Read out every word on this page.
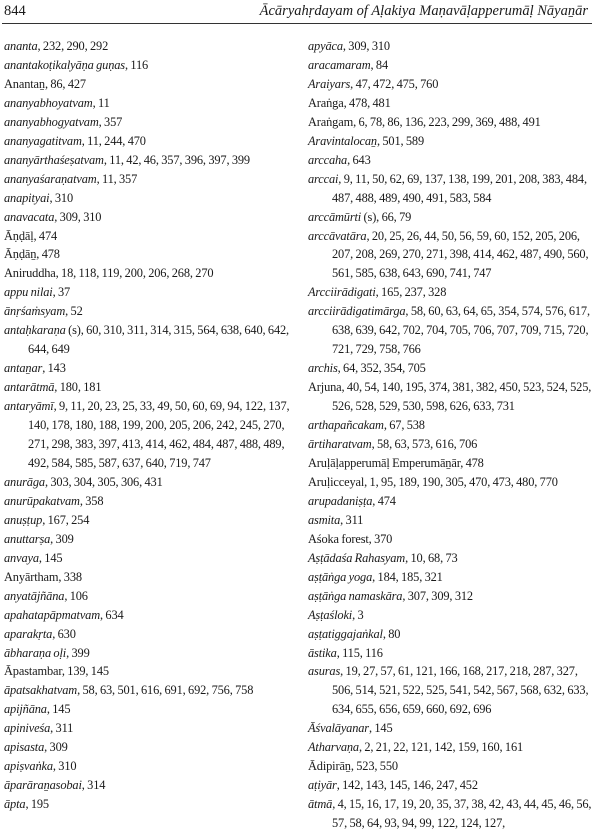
844	Ācāryahṛdayam of Aḷakiya Maṇavāḷapperumāḷ Nāyaṉār
ananta, 232, 290, 292
anantakoṭikalyāṇa guṇas, 116
Anantaṉ, 86, 427
ananyabhoyatvam, 11
ananyabhogyatvam, 357
ananyagatitvam, 11, 244, 470
ananyārthaśeṣatvam, 11, 42, 46, 357, 396, 397, 399
ananyaśaraṇatvam, 11, 357
anapityai, 310
anavacata, 309, 310
Āṇḍāḷ, 474
Āṇḍāṉ, 478
Aniruddha, 18, 118, 119, 200, 206, 268, 270
appu nilai, 37
ānṛśaṁsyam, 52
antaḥkaraṇa (s), 60, 310, 311, 314, 315, 564, 638, 640, 642, 644, 649
antaṉar, 143
antarātmā, 180, 181
antaryāmī, 9, 11, 20, 23, 25, 33, 49, 50, 60, 69, 94, 122, 137, 140, 178, 180, 188, 199, 200, 205, 206, 242, 245, 270, 271, 298, 383, 397, 413, 414, 462, 484, 487, 488, 489, 492, 584, 585, 587, 637, 640, 719, 747
anurāga, 303, 304, 305, 306, 431
anurūpakatvam, 358
anuṣṭup, 167, 254
anuttarṣa, 309
anvaya, 145
Anyārtham, 338
anyatājñāna, 106
apahatapāpmatvam, 634
aparakṛta, 630
ābharaṇa oḷi, 399
Āpastambar, 139, 145
āpatsakhatvam, 58, 63, 501, 616, 691, 692, 756, 758
apijñāna, 145
apiniveśa, 311
apisasta, 309
apiṣvaṅka, 310
āparāraṉasobai, 314
āpta, 195
apyāca, 309, 310
aracamaram, 84
Araiyars, 47, 472, 475, 760
Araṅga, 478, 481
Araṅgam, 6, 78, 86, 136, 223, 299, 369, 488, 491
Aravintalocaṉ, 501, 589
arccaha, 643
arccai, 9, 11, 50, 62, 69, 137, 138, 199, 201, 208, 383, 484, 487, 488, 489, 490, 491, 583, 584
arccāmūrti (s), 66, 79
arccāvatāra, 20, 25, 26, 44, 50, 56, 59, 60, 152, 205, 206, 207, 208, 269, 270, 271, 398, 414, 462, 487, 490, 560, 561, 585, 638, 643, 690, 741, 747
Arcciirādigati, 165, 237, 328
arcciirādigatimārga, 58, 60, 63, 64, 65, 354, 574, 576, 617, 638, 639, 642, 702, 704, 705, 706, 707, 709, 715, 720, 721, 729, 758, 766
archis, 64, 352, 354, 705
Arjuna, 40, 54, 140, 195, 374, 381, 382, 450, 523, 524, 525, 526, 528, 529, 530, 598, 626, 633, 731
arthapañcakam, 67, 538
ārtiharatvam, 58, 63, 573, 616, 706
Aruḷāḷapperumāḷ Emperumāṉār, 478
Aruḷicceyal, 1, 95, 189, 190, 305, 470, 473, 480, 770
arupadaniṣṭa, 474
asmita, 311
Aśoka forest, 370
Aṣṭādaśa Rahasyam, 10, 68, 73
aṣṭāṅga yoga, 184, 185, 321
aṣṭāṅga namaskāra, 307, 309, 312
Aṣṭaśloki, 3
aṣṭatiggajaṅkal, 80
āstika, 115, 116
asuras, 19, 27, 57, 61, 121, 166, 168, 217, 218, 287, 327, 506, 514, 521, 522, 525, 541, 542, 567, 568, 632, 633, 634, 655, 656, 659, 660, 692, 696
Āśvalāyanar, 145
Atharvaṇa, 2, 21, 22, 121, 142, 159, 160, 161
Ādipirāṉ, 523, 550
aṭiyār, 142, 143, 145, 146, 247, 452
ātmā, 4, 15, 16, 17, 19, 20, 35, 37, 38, 42, 43, 44, 45, 46, 56, 57, 58, 64, 93, 94, 99, 122, 124, 127,
